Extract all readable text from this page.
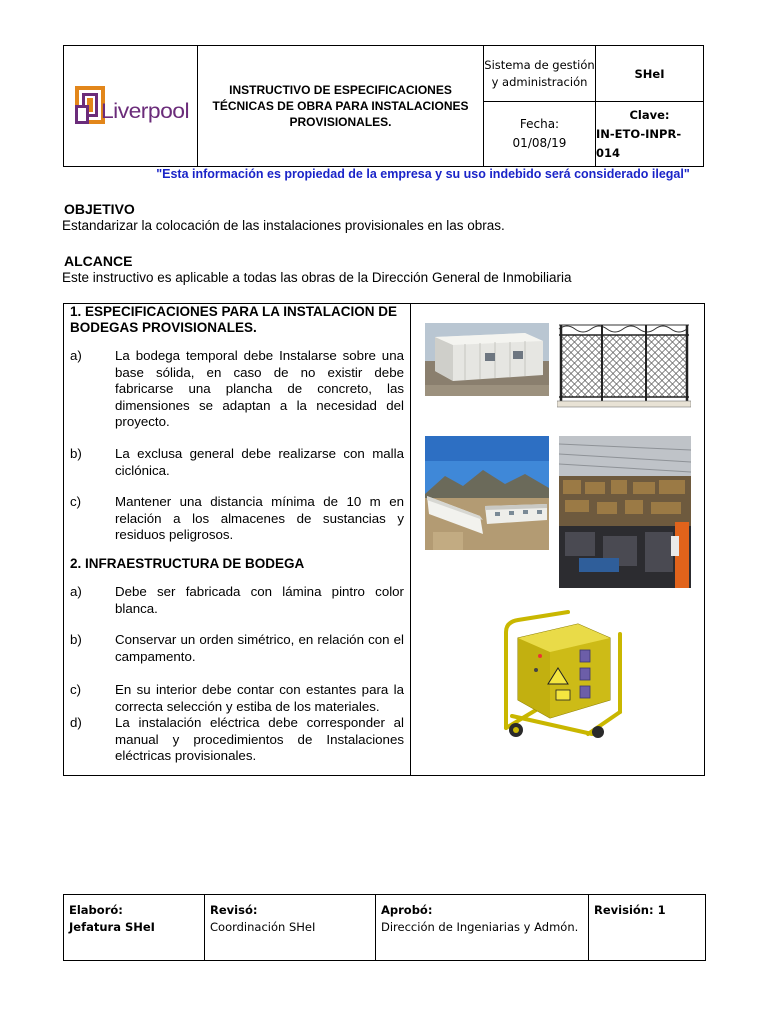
Liverpool
INSTRUCTIVO DE ESPECIFICACIONES TÉCNICAS DE OBRA PARA INSTALACIONES PROVISIONALES.
Sistema de gestión y administración
SHeI
Fecha:
01/08/19
Clave:
IN-ETO-INPR-014
"Esta información es propiedad de la empresa y su uso indebido será considerado ilegal"
OBJETIVO
Estandarizar la colocación de las instalaciones provisionales en las obras.
ALCANCE
Este instructivo es aplicable a todas las obras de la Dirección General de Inmobiliaria
1. ESPECIFICACIONES PARA LA INSTALACION DE BODEGAS PROVISIONALES.
a)	La bodega temporal debe Instalarse sobre una base sólida, en caso de no existir debe fabricarse una plancha de concreto, las dimensiones se adaptan a la necesidad del proyecto.
b)	La exclusa general debe realizarse con malla ciclónica.
c)	Mantener una distancia mínima de 10 m en relación a los almacenes de sustancias y residuos peligrosos.
2. INFRAESTRUCTURA DE BODEGA
a)	Debe ser fabricada con lámina pintro color blanca.
b)	Conservar un orden simétrico, en relación con el campamento.
c)	En su interior debe contar con estantes para la correcta selección y estiba de los materiales.
d)	La instalación eléctrica debe corresponder al manual y procedimientos de Instalaciones eléctricas provisionales.
Elaboró:
Jefatura SHeI
Revisó:
Coordinación SHeI
Aprobó:
Dirección de Ingeniarias y Admón.
Revisión: 1
